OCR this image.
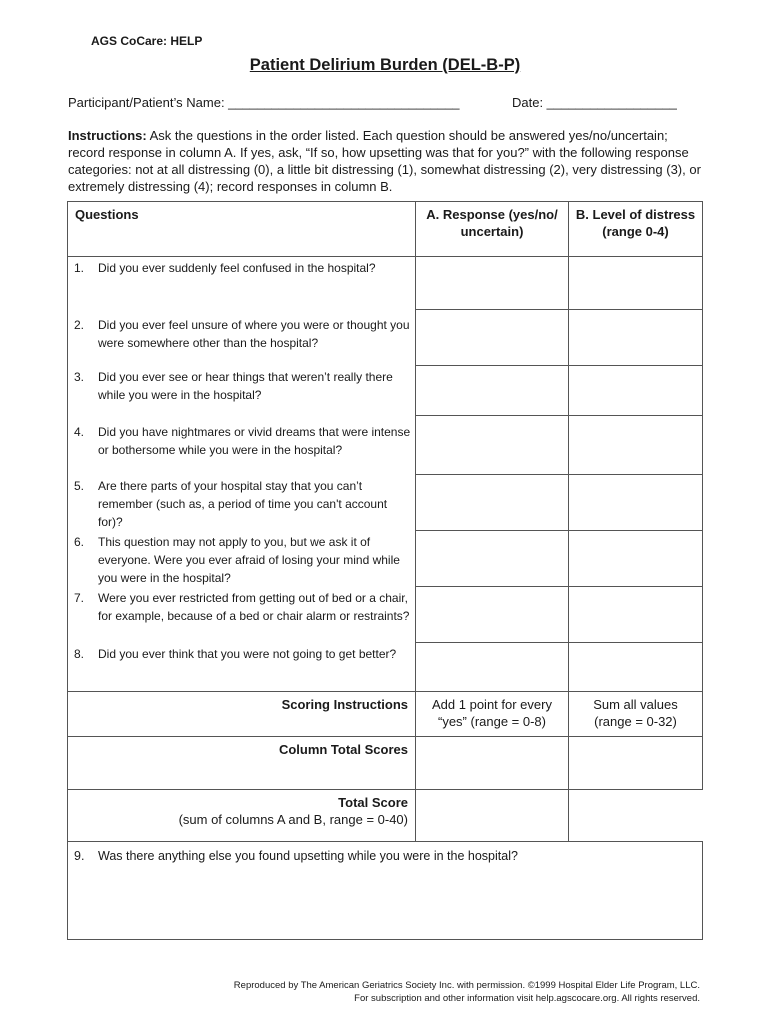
AGS CoCare: HELP
Patient Delirium Burden (DEL-B-P)
Participant/Patient’s Name: ________________________________	Date: __________________
Instructions: Ask the questions in the order listed. Each question should be answered yes/no/uncertain; record response in column A. If yes, ask, “If so, how upsetting was that for you?” with the following response categories: not at all distressing (0), a little bit distressing (1), somewhat distressing (2), very distressing (3), or extremely distressing (4); record responses in column B.
Questions	A. Response (yes/no/ uncertain)	B. Level of distress (range 0-4)

1. Did you ever suddenly feel confused in the hospital?		

2. Did you ever feel unsure of where you were or thought you were somewhere other than the hospital?		

3. Did you ever see or hear things that weren’t really there while you were in the hospital?		

4. Did you have nightmares or vivid dreams that were intense or bothersome while you were in the hospital?		

5. Are there parts of your hospital stay that you can’t remember (such as, a period of time you can't account for)?		

6. This question may not apply to you, but we ask it of everyone. Were you ever afraid of losing your mind while you were in the hospital?		

7. Were you ever restricted from getting out of bed or a chair, for example, because of a bed or chair alarm or restraints?		

8. Did you ever think that you were not going to get better?		

Scoring Instructions	Add 1 point for every “yes” (range = 0-8)	Sum all values (range = 0-32)
Column Total Scores		

Total Score
(sum of columns A and B, range = 0-40)		

9. Was there anything else you found upsetting while you were in the hospital?		
Reproduced by The American Geriatrics Society Inc. with permission. ©1999 Hospital Elder Life Program, LLC.
For subscription and other information visit help.agscocare.org. All rights reserved.
